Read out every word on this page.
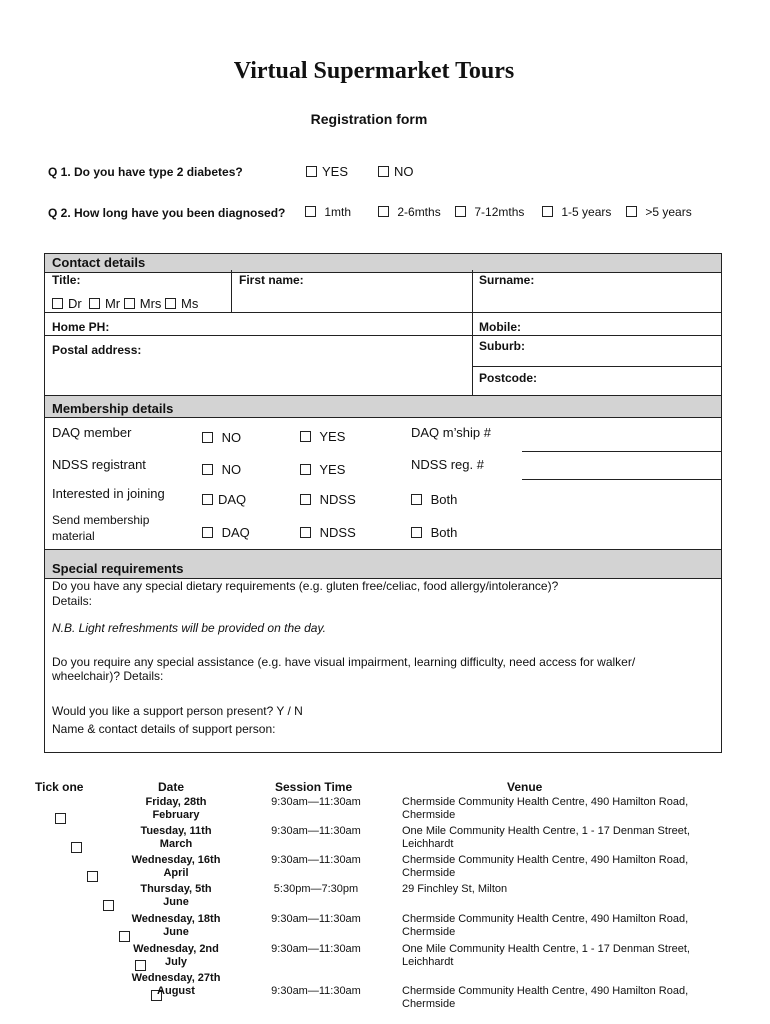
Virtual Supermarket Tours
Registration form
Q 1. Do you have type 2 diabetes?	YES	NO
Q 2. How long have you been diagnosed?	1mth	2-6mths	7-12mths	1-5 years	>5 years
Contact details
Title:
Dr Mr Mrs Ms
First name:	Surname:
Home PH:	Mobile:
Postal address:	Suburb:
Postcode:
Membership details
DAQ member	NO	YES	DAQ m’ship #
NDSS registrant	NO	YES	NDSS reg. #
Interested in joining	DAQ	NDSS	Both
Send membership
material	DAQ	NDSS	Both
Special requirements
Do you have any special dietary requirements (e.g. gluten free/celiac, food allergy/intolerance)?
Details:
N.B. Light refreshments will be provided on the day.
Do you require any special assistance (e.g. have visual impairment, learning difficulty, need access for walker/
wheelchair)? Details:
Would you like a support person present? Y / N
Name & contact details of support person:
Tick one	Date	Session Time	Venue
Friday, 28th
February
9:30am—11:30am	Chermside Community Health Centre, 490 Hamilton Road,
Chermside
Tuesday, 11th
March
9:30am—11:30am	One Mile Community Health Centre, 1 - 17 Denman Street,
Leichhardt
Wednesday, 16th
April
9:30am—11:30am	Chermside Community Health Centre, 490 Hamilton Road,
Chermside
Thursday, 5th
June
5:30pm—7:30pm	29 Finchley St, Milton
Wednesday, 18th
June
9:30am—11:30am	Chermside Community Health Centre, 490 Hamilton Road,
Chermside
Wednesday, 2nd
July
9:30am—11:30am	One Mile Community Health Centre, 1 - 17 Denman Street,
Leichhardt
Wednesday, 27th
August	9:30am—11:30am	Chermside Community Health Centre, 490 Hamilton Road,
Chermside
